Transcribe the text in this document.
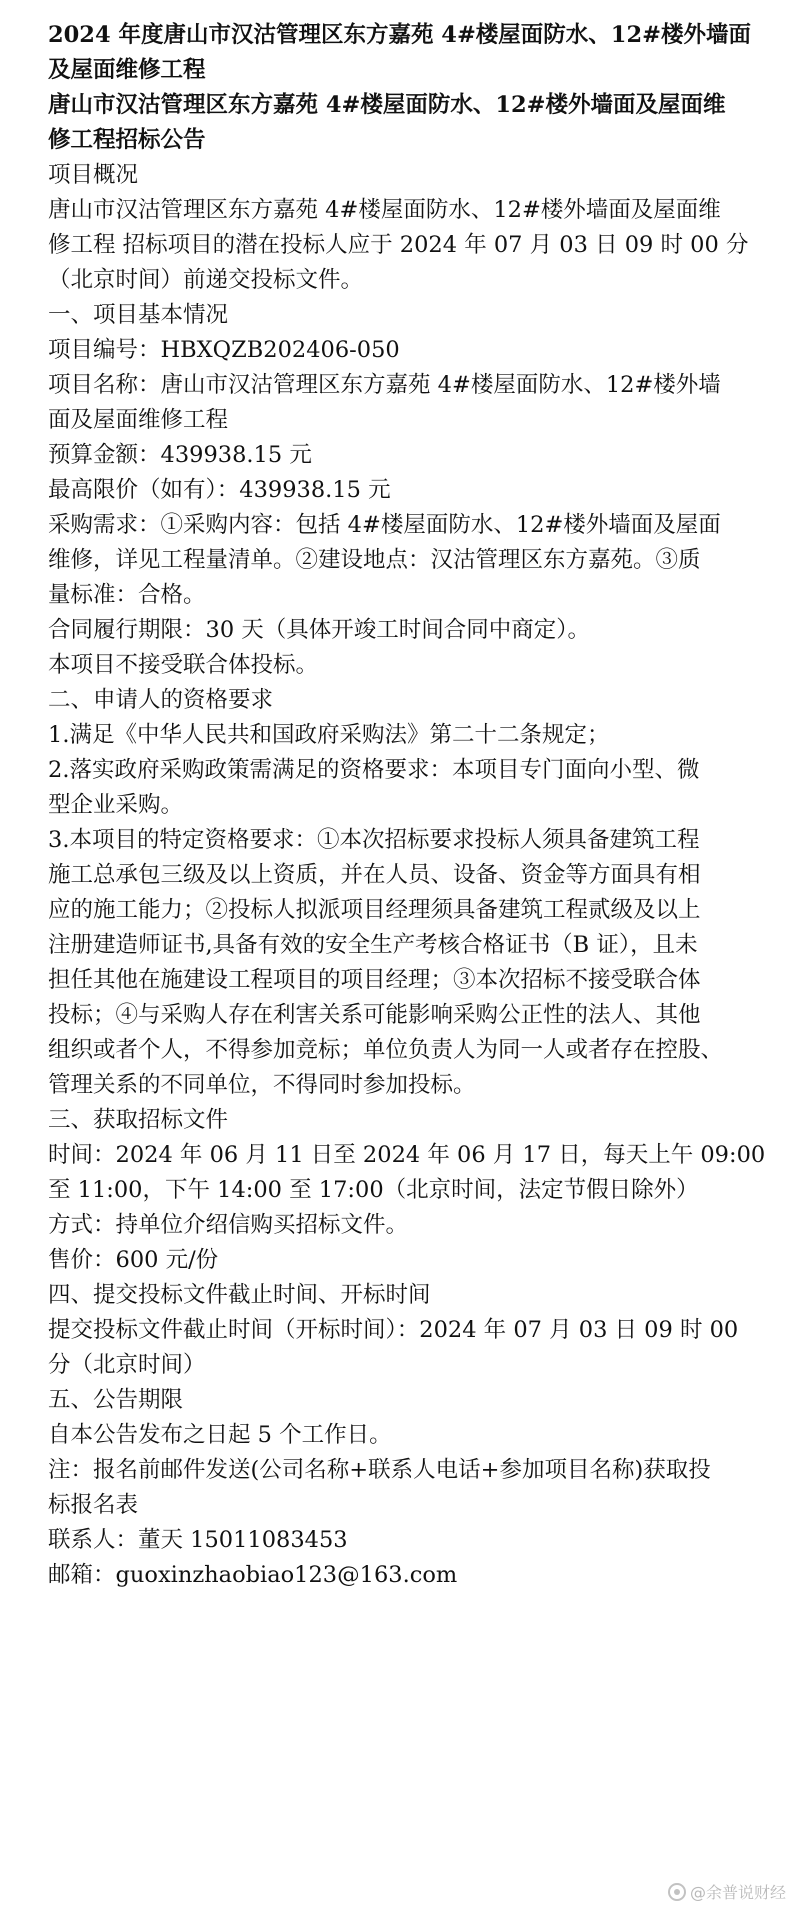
2024 年度唐山市汉沽管理区东方嘉苑 4#楼屋面防水、12#楼外墙面
及屋面维修工程
唐山市汉沽管理区东方嘉苑 4#楼屋面防水、12#楼外墙面及屋面维
修工程招标公告
项目概况
唐山市汉沽管理区东方嘉苑 4#楼屋面防水、12#楼外墙面及屋面维
修工程 招标项目的潜在投标人应于 2024 年 07 月 03 日 09 时 00 分
（北京时间）前递交投标文件。
一、项目基本情况
项目编号：HBXQZB202406-050
项目名称：唐山市汉沽管理区东方嘉苑 4#楼屋面防水、12#楼外墙
面及屋面维修工程
预算金额：439938.15 元
最高限价（如有）：439938.15 元
采购需求：①采购内容：包括 4#楼屋面防水、12#楼外墙面及屋面
维修，详见工程量清单。②建设地点：汉沽管理区东方嘉苑。③质
量标准：合格。
合同履行期限：30 天（具体开竣工时间合同中商定）。
本项目不接受联合体投标。
二、申请人的资格要求
1.满足《中华人民共和国政府采购法》第二十二条规定；
2.落实政府采购政策需满足的资格要求：本项目专门面向小型、微
型企业采购。
3.本项目的特定资格要求：①本次招标要求投标人须具备建筑工程
施工总承包三级及以上资质，并在人员、设备、资金等方面具有相
应的施工能力；②投标人拟派项目经理须具备建筑工程贰级及以上
注册建造师证书,具备有效的安全生产考核合格证书（B 证），且未
担任其他在施建设工程项目的项目经理；③本次招标不接受联合体
投标；④与采购人存在利害关系可能影响采购公正性的法人、其他
组织或者个人，不得参加竞标；单位负责人为同一人或者存在控股、
管理关系的不同单位，不得同时参加投标。
三、获取招标文件
时间：2024 年 06 月 11 日至 2024 年 06 月 17 日，每天上午 09:00
至 11:00，下午 14:00 至 17:00（北京时间，法定节假日除外）
方式：持单位介绍信购买招标文件。
售价：600 元/份
四、提交投标文件截止时间、开标时间
提交投标文件截止时间（开标时间）：2024 年 07 月 03 日 09 时 00
分（北京时间）
五、公告期限
自本公告发布之日起 5 个工作日。
注：报名前邮件发送(公司名称+联系人电话+参加项目名称)获取投
标报名表
联系人：董天 15011083453
邮箱：guoxinzhaobiao123@163.com
@余普说财经
